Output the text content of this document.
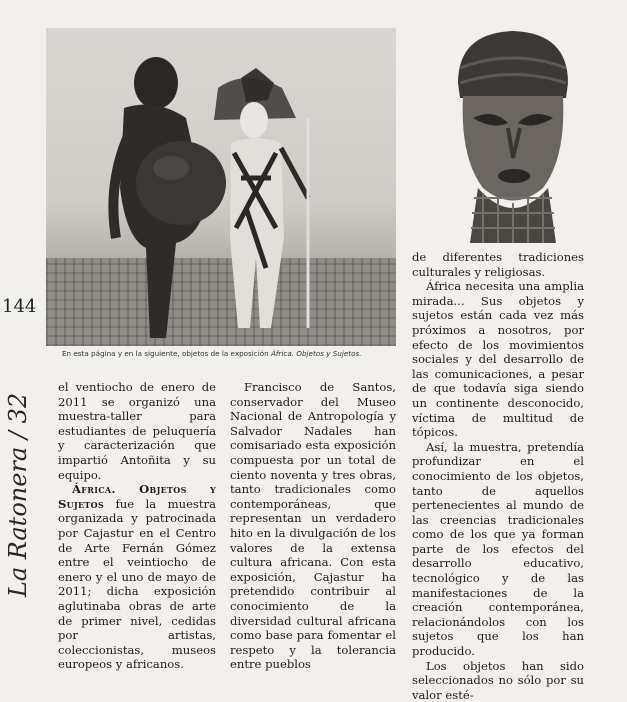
En esta página y en la siguiente, objetos de la exposición África. Objetos y Sujetos.
144
La Ratonera / 32

el ventiocho de enero de 2011 se organizó una muestra-taller para estudiantes de peluquería y caracterización que impartió Antoñita y su equipo.

África. Objetos y Sujetos fue la muestra organizada y patrocinada por Cajastur en el Centro de Arte Fernán Gómez entre el veintiocho de enero y el uno de mayo de 2011; dicha exposición aglutinaba obras de arte de primer nivel, cedidas por artistas, coleccionistas, museos europeos y africanos.

Francisco de Santos, conservador del Museo Nacional de Antropología y Salvador Nadales han comisariado esta exposición compuesta por un total de ciento noventa y tres obras, tanto tradicionales como contemporáneas, que representan un verdadero hito en la divulgación de los valores de la extensa cultura africana. Con esta exposición, Cajastur ha pretendido contribuir al conocimiento de la diversidad cultural africana como base para fomentar el respeto y la tolerancia entre pueblos

de diferentes tradiciones culturales y religiosas.

África necesita una amplia mirada... Sus objetos y sujetos están cada vez más próximos a nosotros, por efecto de los movimientos sociales y del desarrollo de las comunicaciones, a pesar de que todavía siga siendo un continente desconocido, víctima de multitud de tópicos.

Así, la muestra, pretendía profundizar en el conocimiento de los objetos, tanto de aquellos pertenecientes al mundo de las creencias tradicionales como de los que ya forman parte de los efectos del desarrollo educativo, tecnológico y de las manifestaciones de la creación contemporánea, relacionándolos con los sujetos que los han producido.

Los objetos han sido seleccionados no sólo por su valor esté-
